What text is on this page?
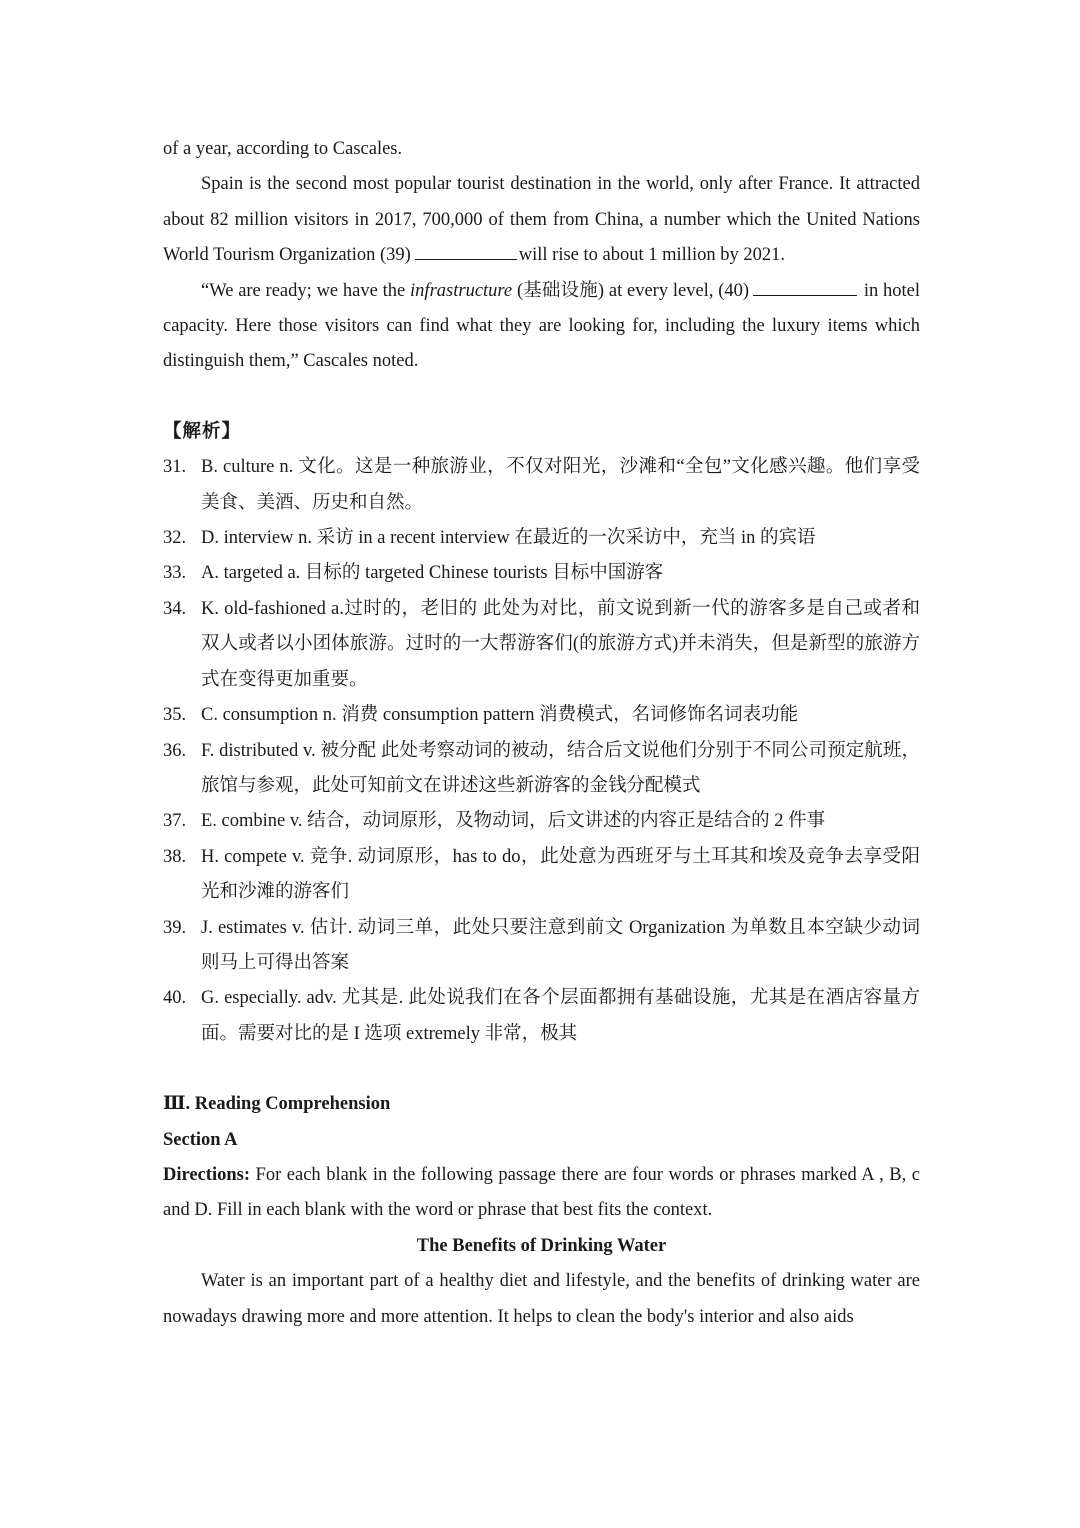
of a year, according to Cascales.

Spain is the second most popular tourist destination in the world, only after France. It attracted about 82 million visitors in 2017, 700,000 of them from China, a number which the United Nations World Tourism Organization (39)	will rise to about 1 million by 2021.

“We are ready; we have the infrastructure (基础设施) at every level, (40)	in hotel capacity. Here those visitors can find what they are looking for, including the luxury items which distinguish them,” Cascales noted.

【解析】

31. B. culture n. 文化。这是一种旅游业，不仅对阳光，沙滩和“全包”文化感兴趣。他们享受美食、美酒、历史和自然。
32. D. interview n. 采访 in a recent interview 在最近的一次采访中，充当 in 的宾语
33. A. targeted a. 目标的 targeted Chinese tourists 目标中国游客
34. K. old-fashioned a.过时的，老旧的 此处为对比，前文说到新一代的游客多是自己或者和双人或者以小团体旅游。过时的一大帮游客们(的旅游方式)并未消失，但是新型的旅游方式在变得更加重要。
35. C. consumption n. 消费 consumption pattern 消费模式，名词修饰名词表功能
36. F. distributed v. 被分配 此处考察动词的被动，结合后文说他们分别于不同公司预定航班，旅馆与参观，此处可知前文在讲述这些新游客的金钱分配模式
37. E. combine v. 结合，动词原形，及物动词，后文讲述的内容正是结合的 2 件事
38. H. compete v. 竞争. 动词原形，has to do，此处意为西班牙与土耳其和埃及竞争去享受阳光和沙滩的游客们
39. J. estimates v. 估计. 动词三单，此处只要注意到前文 Organization 为单数且本空缺少动词则马上可得出答案
40. G. especially. adv. 尤其是. 此处说我们在各个层面都拥有基础设施，尤其是在酒店容量方面。需要对比的是 I 选项 extremely 非常，极其

Ⅲ. Reading Comprehension

Section A

Directions: For each blank in the following passage there are four words or phrases marked A , B, c and D. Fill in each blank with the word or phrase that best fits the context.

The Benefits of Drinking Water

Water is an important part of a healthy diet and lifestyle, and the benefits of drinking water are nowadays drawing more and more attention. It helps to clean the body's interior and also aids
